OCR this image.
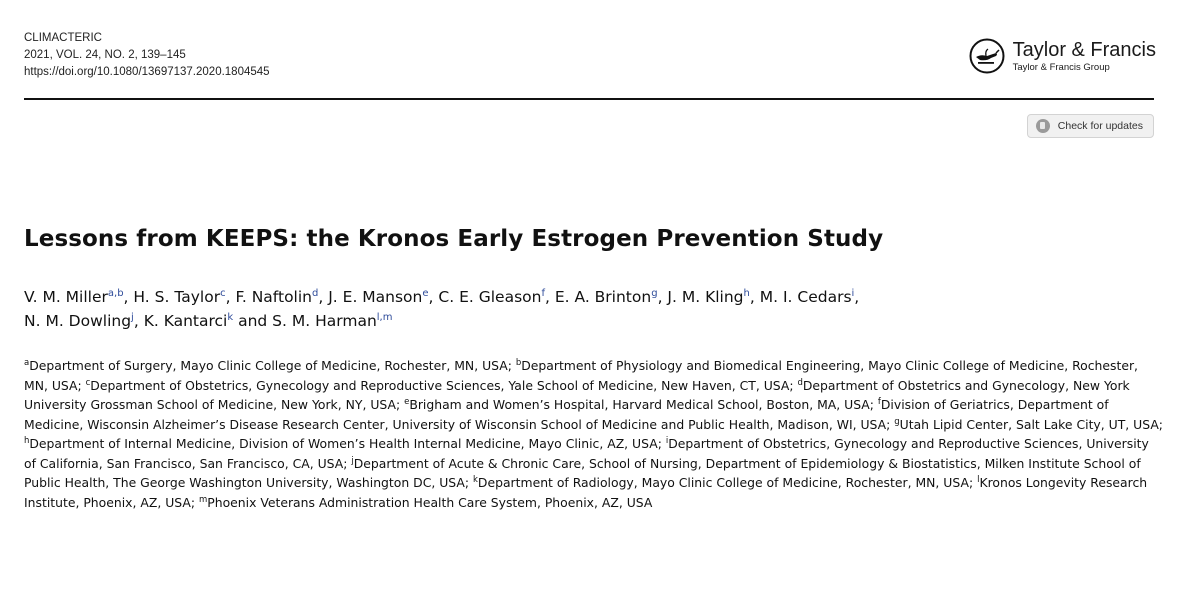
CLIMACTERIC
2021, VOL. 24, NO. 2, 139–145
https://doi.org/10.1080/13697137.2020.1804545
Taylor & Francis
Taylor & Francis Group
Check for updates
Lessons from KEEPS: the Kronos Early Estrogen Prevention Study
V. M. Miller$^{a,b}$, H. S. Taylor$^c$, F. Naftolin$^d$, J. E. Manson$^e$, C. E. Gleason$^f$, E. A. Brinton$^g$, J. M. Kling$^h$, M. I. Cedars$^i$,
N. M. Dowling$^j$, K. Kantarci$^k$ and S. M. Harman$^{l,m}$
$^a$Department of Surgery, Mayo Clinic College of Medicine, Rochester, MN, USA; $^b$Department of Physiology and Biomedical Engineering, Mayo Clinic College of Medicine, Rochester, MN, USA; $^c$Department of Obstetrics, Gynecology and Reproductive Sciences, Yale School of Medicine, New Haven, CT, USA; $^d$Department of Obstetrics and Gynecology, New York University Grossman School of Medicine, New York, NY, USA; $^e$Brigham and Women’s Hospital, Harvard Medical School, Boston, MA, USA; $^f$Division of Geriatrics, Department of Medicine, Wisconsin Alzheimer’s Disease Research Center, University of Wisconsin School of Medicine and Public Health, Madison, WI, USA; $^g$Utah Lipid Center, Salt Lake City, UT, USA; $^h$Department of Internal Medicine, Division of Women’s Health Internal Medicine, Mayo Clinic, AZ, USA; $^i$Department of Obstetrics, Gynecology and Reproductive Sciences, University of California, San Francisco, San Francisco, CA, USA; $^j$Department of Acute & Chronic Care, School of Nursing, Department of Epidemiology & Biostatistics, Milken Institute School of Public Health, The George Washington University, Washington DC, USA; $^k$Department of Radiology, Mayo Clinic College of Medicine, Rochester, MN, USA; $^l$Kronos Longevity Research Institute, Phoenix, AZ, USA; $^m$Phoenix Veterans Administration Health Care System, Phoenix, AZ, USA
